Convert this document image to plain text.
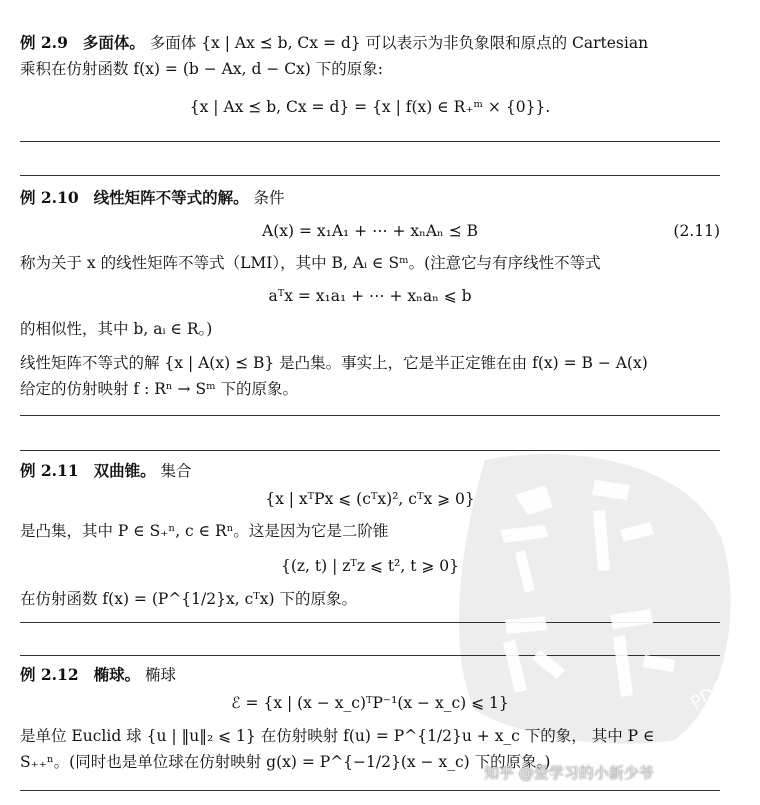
例 2.9 多面体。 多面体 {x | Ax ⪯ b, Cx = d} 可以表示为非负象限和原点的 Cartesian
乘积在仿射函数 f(x) = (b − Ax, d − Cx) 下的原象:
{x | Ax ⪯ b, Cx = d} = {x | f(x) ∈ R₊ᵐ × {0}}.
例 2.10 线性矩阵不等式的解。 条件
A(x) = x₁A₁ + ⋯ + xₙAₙ ⪯ B	(2.11)
称为关于 x 的线性矩阵不等式（LMI），其中 B, Aᵢ ∈ Sᵐ。(注意它与有序线性不等式
aᵀx = x₁a₁ + ⋯ + xₙaₙ ⩽ b
的相似性，其中 b, aᵢ ∈ R。)
线性矩阵不等式的解 {x | A(x) ⪯ B} 是凸集。事实上，它是半正定锥在由 f(x) = B − A(x)
给定的仿射映射 f : Rⁿ → Sᵐ 下的原象。
例 2.11 双曲锥。 集合
{x | xᵀPx ⩽ (cᵀx)², cᵀx ⩾ 0}
是凸集，其中 P ∈ S₊ⁿ, c ∈ Rⁿ。这是因为它是二阶锥
{(z, t) | zᵀz ⩽ t², t ⩾ 0}
在仿射函数 f(x) = (P^{1/2}x, cᵀx) 下的原象。
例 2.12 椭球。 椭球
ℰ = {x | (x − x_c)ᵀP⁻¹(x − x_c) ⩽ 1}
是单位 Euclid 球 {u | ‖u‖₂ ⩽ 1} 在仿射映射 f(u) = P^{1/2}u + x_c 下的象， 其中 P ∈
S₊₊ⁿ。(同时也是单位球在仿射映射 g(x) = P^{−1/2}(x − x_c) 下的原象。)
PDG
知乎 @爱学习的小新少爷
